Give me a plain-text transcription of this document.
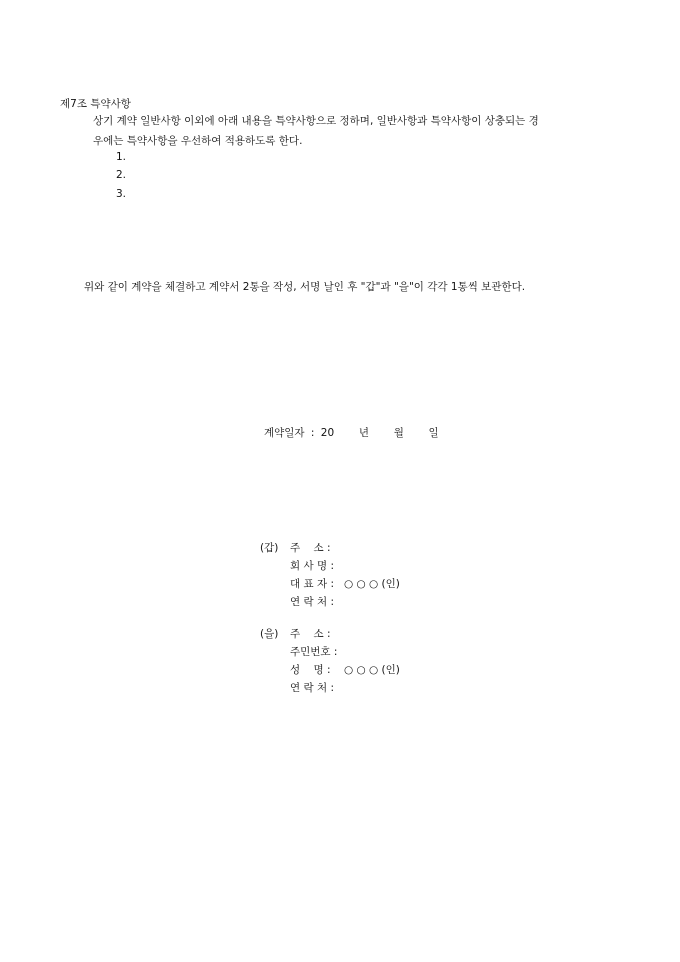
제7조 특약사항
상기 계약 일반사항 이외에 아래 내용을 특약사항으로 정하며, 일반사항과 특약사항이 상충되는 경
우에는 특약사항을 우선하여 적용하도록 한다.
1.
2.
3.
위와 같이 계약을 체결하고 계약서 2통을 작성, 서명 날인 후 "갑"과 "을"이 각각 1통씩 보관한다.
계약일자 : 20 년 월 일
(갑) 주    소 :
회 사 명 :
대 표 자 : ○ ○ ○ (인)
연 락 처 :
(을) 주    소 :
주민번호 :
성    명 : ○ ○ ○ (인)
연 락 처 :
